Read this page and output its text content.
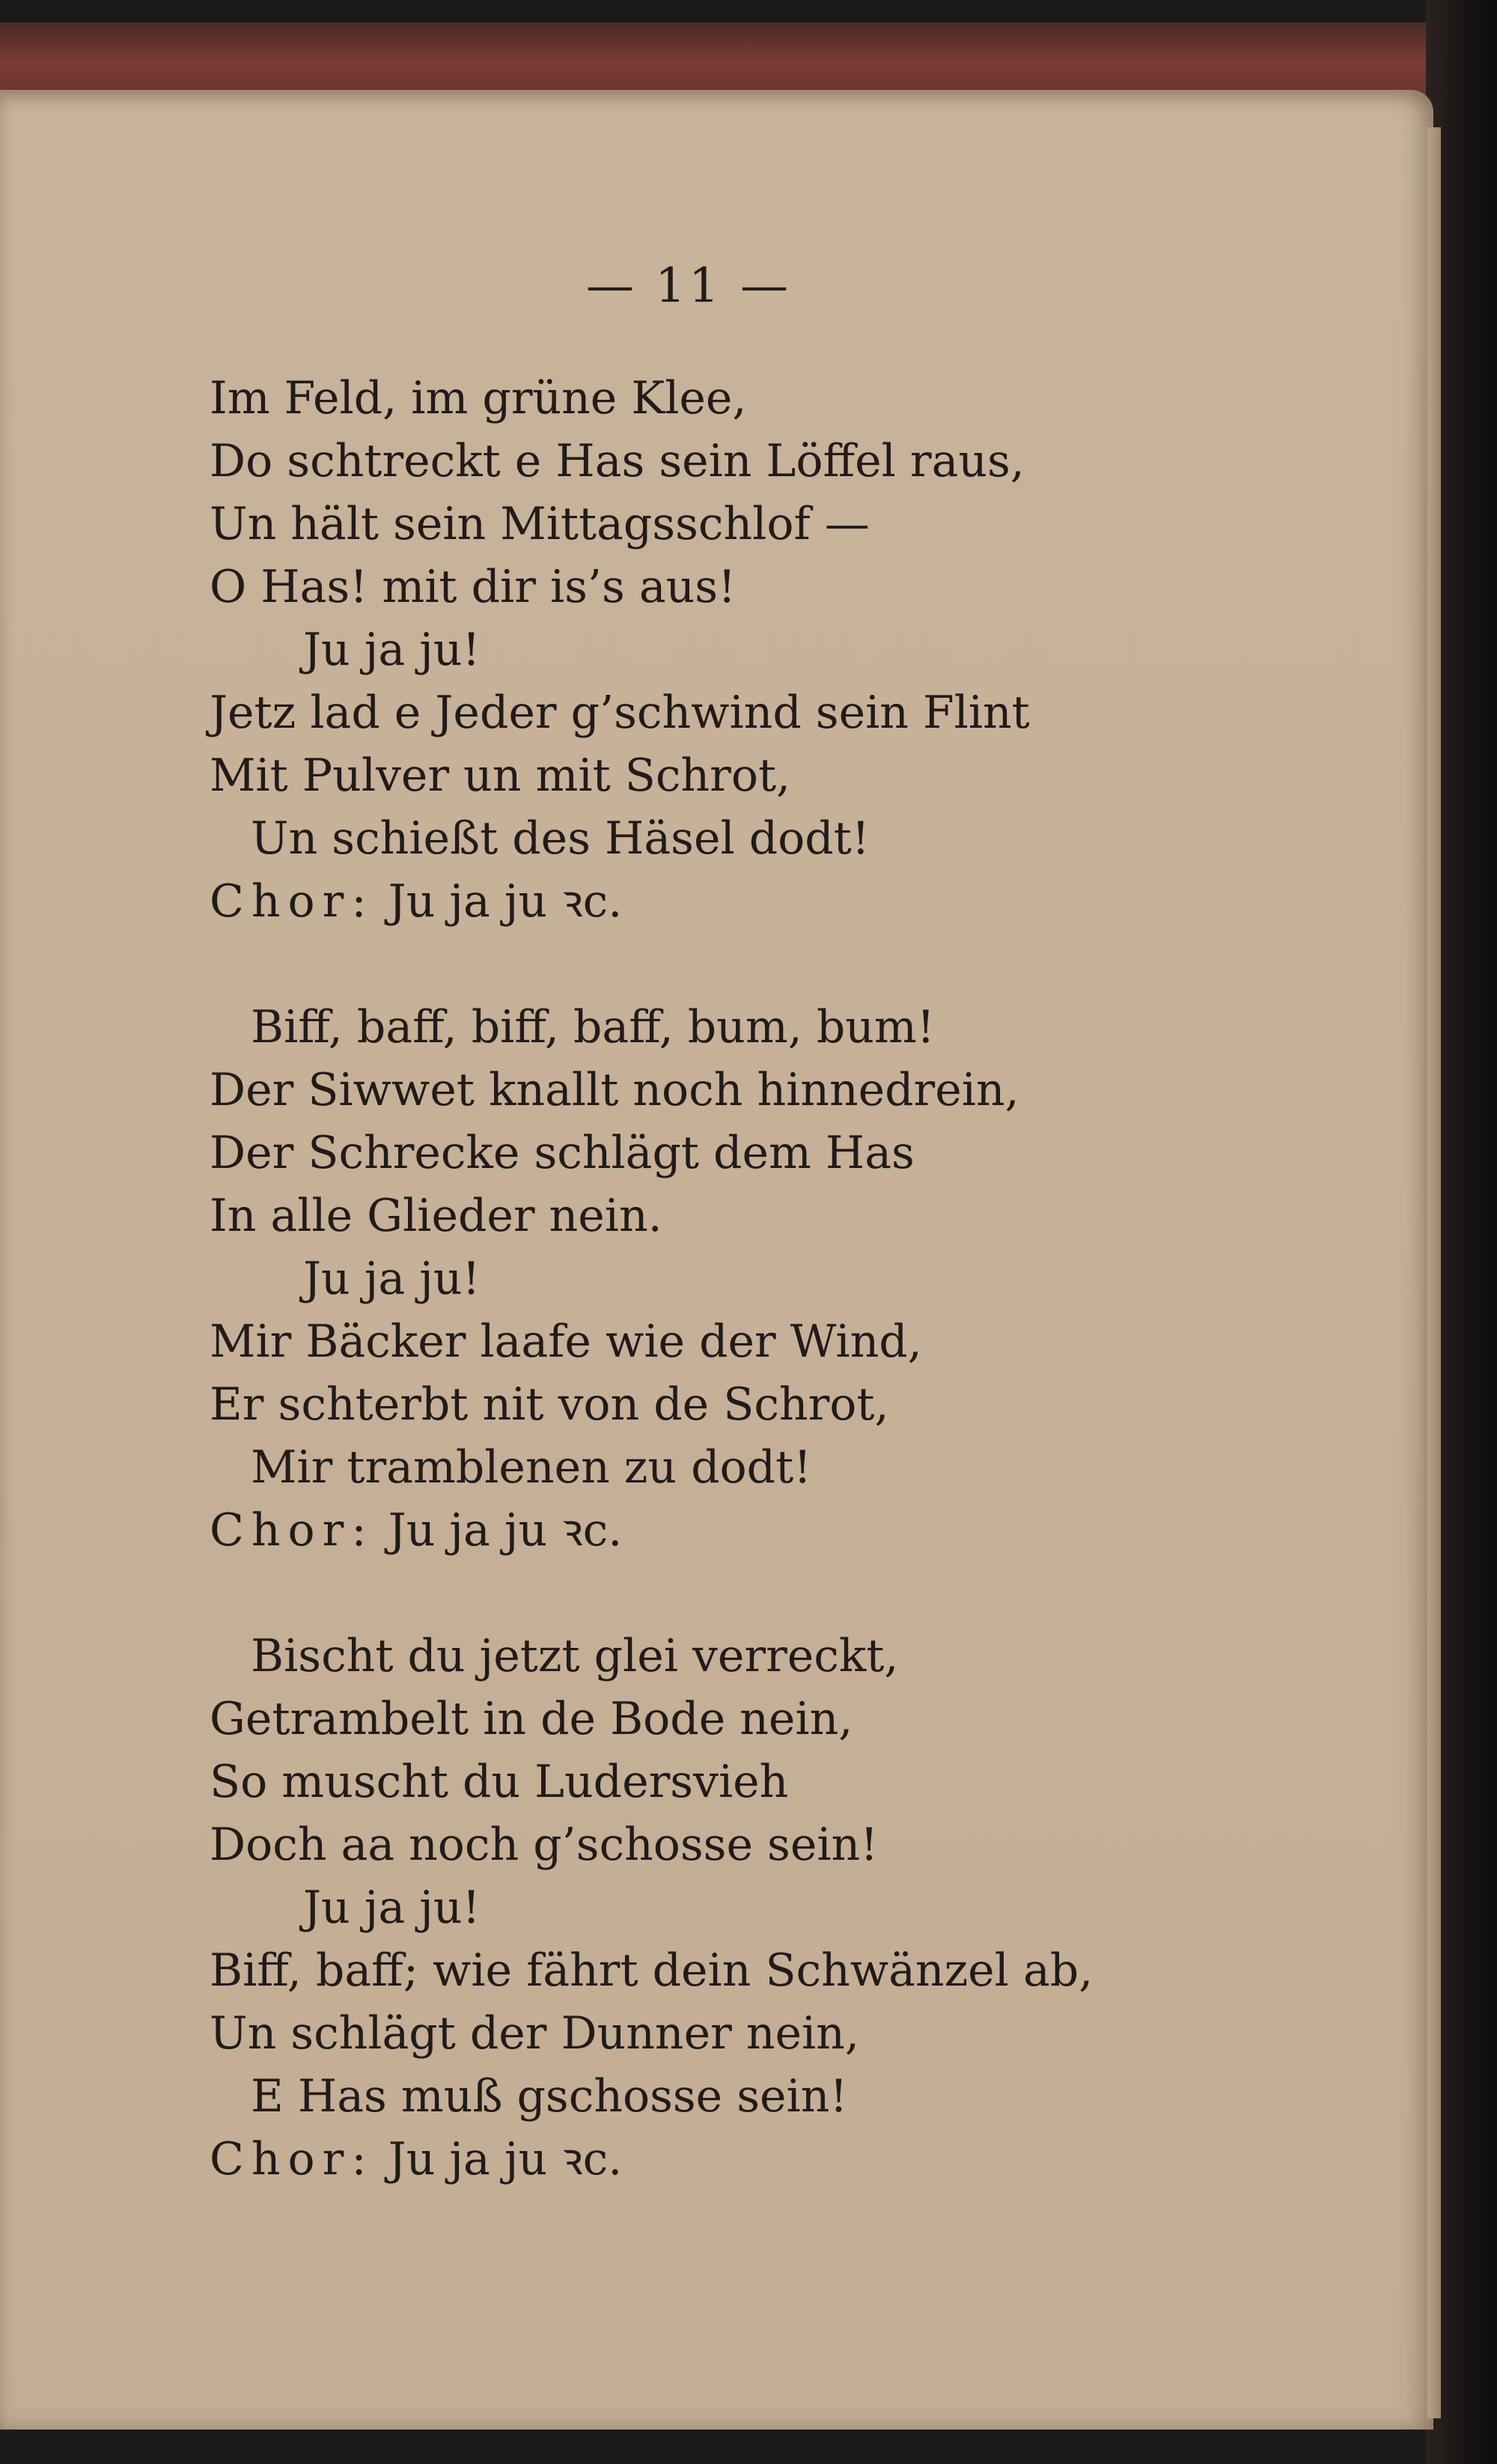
— 11 —
Im Feld, im grüne Klee,
Do schtreckt e Has sein Löffel raus,
Un hält sein Mittagsschlof —
O Has! mit dir is’s aus!
Ju ja ju!
Jetz lad e Jeder g’schwind sein Flint
Mit Pulver un mit Schrot,
Un schießt des Häsel dodt!
Chor: Ju ja ju ꝛc.
Biff, baff, biff, baff, bum, bum!
Der Siwwet knallt noch hinnedrein,
Der Schrecke schlägt dem Has
In alle Glieder nein.
Ju ja ju!
Mir Bäcker laafe wie der Wind,
Er schterbt nit von de Schrot,
Mir tramblenen zu dodt!
Chor: Ju ja ju ꝛc.
Bischt du jetzt glei verreckt,
Getrambelt in de Bode nein,
So muscht du Ludersvieh
Doch aa noch g’schosse sein!
Ju ja ju!
Biff, baff; wie fährt dein Schwänzel ab,
Un schlägt der Dunner nein,
E Has muß gschosse sein!
Chor: Ju ja ju ꝛc.
